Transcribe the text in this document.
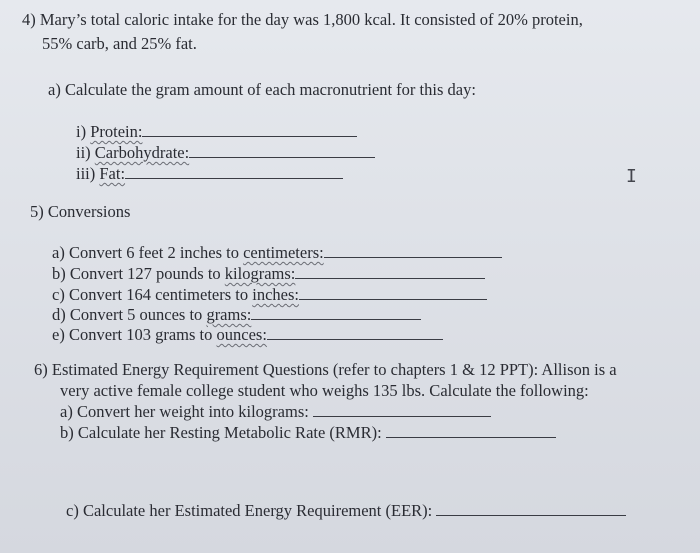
4) Mary’s total caloric intake for the day was 1,800 kcal. It consisted of 20% protein,
55% carb, and 25% fat.
a) Calculate the gram amount of each macronutrient for this day:
i) Protein:
ii) Carbohydrate:
iii) Fat:	I
5) Conversions
a) Convert 6 feet 2 inches to centimeters:
b) Convert 127 pounds to kilograms:
c) Convert 164 centimeters to inches:
d) Convert 5 ounces to grams:
e) Convert 103 grams to ounces:
6) Estimated Energy Requirement Questions (refer to chapters 1 & 12 PPT): Allison is a
very active female college student who weighs 135 lbs. Calculate the following:
a) Convert her weight into kilograms:
b) Calculate her Resting Metabolic Rate (RMR):
c) Calculate her Estimated Energy Requirement (EER):
